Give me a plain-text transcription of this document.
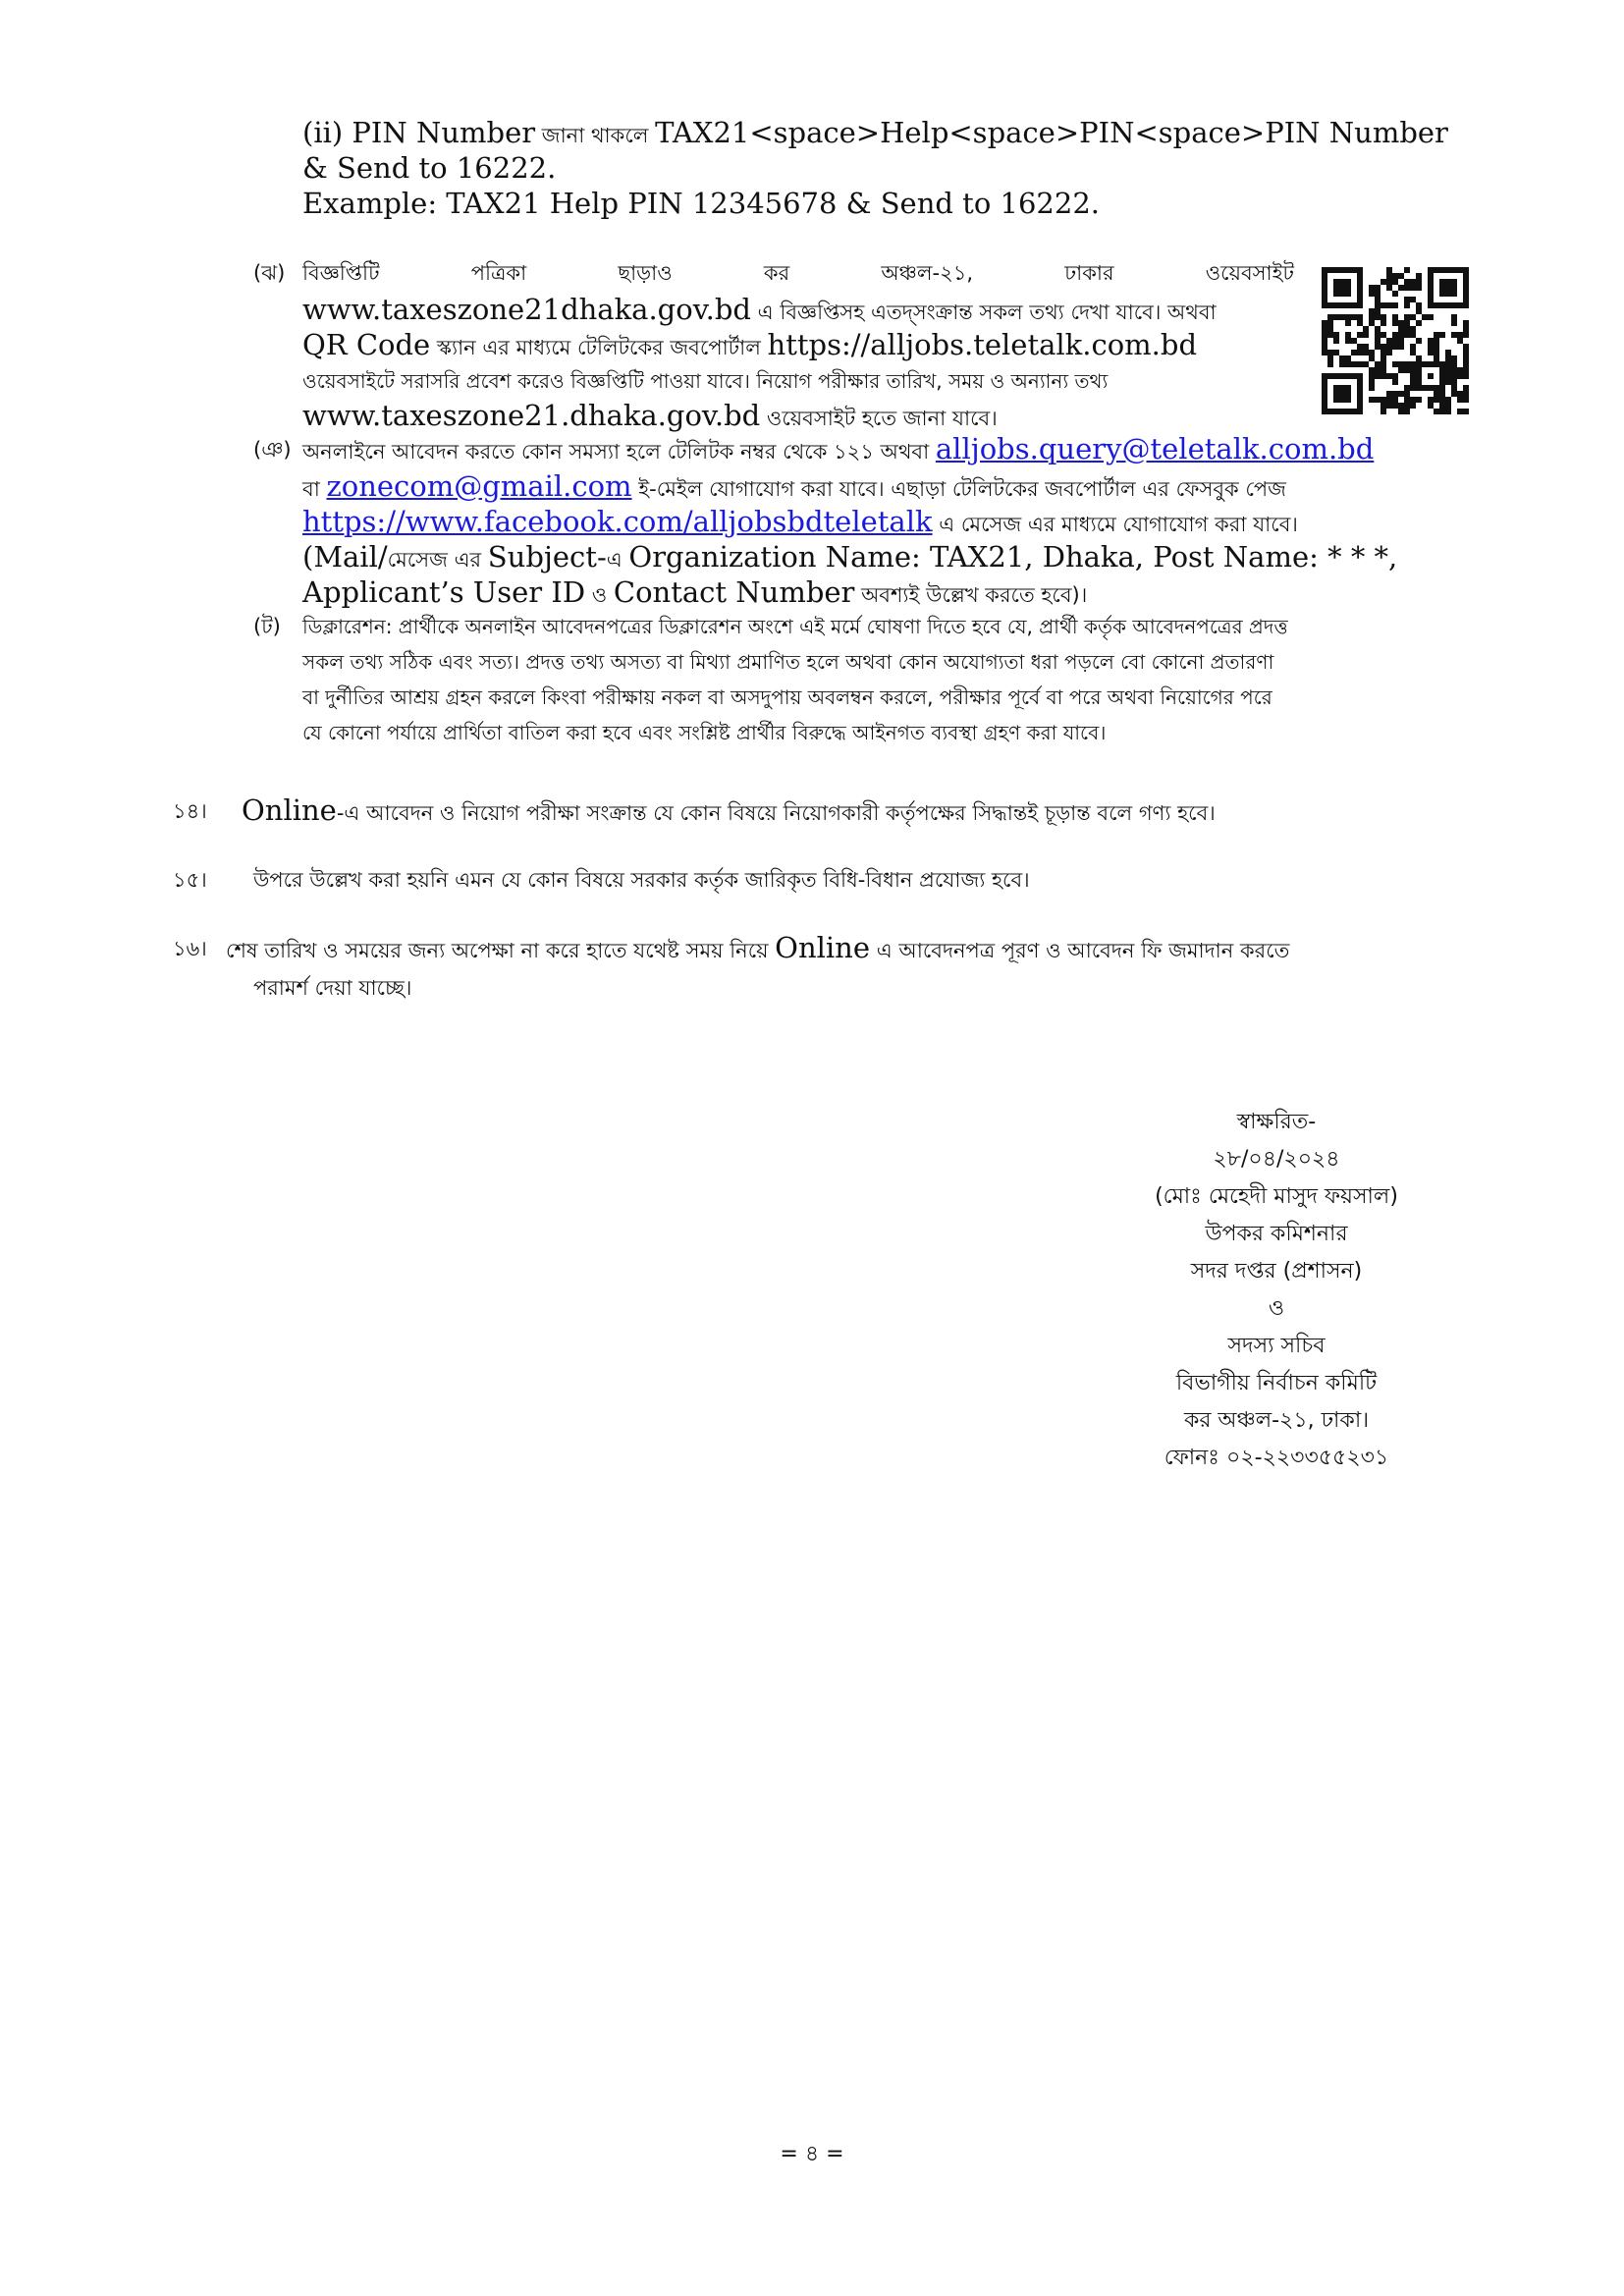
(ii) PIN Number জানা থাকলে TAX21<space>Help<space>PIN<space>PIN Number
& Send to 16222.
Example: TAX21 Help PIN 12345678 & Send to 16222.
(ঝ) বিজ্ঞপ্তিটি পত্রিকা ছাড়াও কর অঞ্চল-২১, ঢাকার ওয়েবসাইট
www.taxeszone21dhaka.gov.bd এ বিজ্ঞপ্তিসহ এতদ্‌সংক্রান্ত সকল তথ্য দেখা যাবে। অথবা
QR Code স্ক্যান এর মাধ্যমে টেলিটকের জবপোর্টাল https://alljobs.teletalk.com.bd
ওয়েবসাইটে সরাসরি প্রবেশ করেও বিজ্ঞপ্তিটি পাওয়া যাবে। নিয়োগ পরীক্ষার তারিখ, সময় ও অন্যান্য তথ্য
www.taxeszone21.dhaka.gov.bd ওয়েবসাইট হতে জানা যাবে।
(ঞ) অনলাইনে আবেদন করতে কোন সমস্যা হলে টেলিটক নম্বর থেকে ১২১ অথবা alljobs.query@teletalk.com.bd
বা zonecom@gmail.com ই-মেইল যোগাযোগ করা যাবে। এছাড়া টেলিটকের জবপোর্টাল এর ফেসবুক পেজ
https://www.facebook.com/alljobsbdteletalk এ মেসেজ এর মাধ্যমে যোগাযোগ করা যাবে।
(Mail/মেসেজ এর Subject-এ Organization Name: TAX21, Dhaka, Post Name: * * *,
Applicant’s User ID ও Contact Number অবশ্যই উল্লেখ করতে হবে)।
(ট) ডিক্লারেশন: প্রার্থীকে অনলাইন আবেদনপত্রের ডিক্লারেশন অংশে এই মর্মে ঘোষণা দিতে হবে যে, প্রার্থী কর্তৃক আবেদনপত্রের প্রদত্ত
সকল তথ্য সঠিক এবং সত্য। প্রদত্ত তথ্য অসত্য বা মিথ্যা প্রমাণিত হলে অথবা কোন অযোগ্যতা ধরা পড়লে বো কোনো প্রতারণা
বা দুর্নীতির আশ্রয় গ্রহন করলে কিংবা পরীক্ষায় নকল বা অসদুপায় অবলম্বন করলে, পরীক্ষার পূর্বে বা পরে অথবা নিয়োগের পরে
যে কোনো পর্যায়ে প্রার্থিতা বাতিল করা হবে এবং সংশ্লিষ্ট প্রার্থীর বিরুদ্ধে আইনগত ব্যবস্থা গ্রহণ করা যাবে।
১৪। Online-এ আবেদন ও নিয়োগ পরীক্ষা সংক্রান্ত যে কোন বিষয়ে নিয়োগকারী কর্তৃপক্ষের সিদ্ধান্তই চূড়ান্ত বলে গণ্য হবে।
১৫। উপরে উল্লেখ করা হয়নি এমন যে কোন বিষয়ে সরকার কর্তৃক জারিকৃত বিধি-বিধান প্রযোজ্য হবে।
১৬। শেষ তারিখ ও সময়ের জন্য অপেক্ষা না করে হাতে যথেষ্ট সময় নিয়ে Online এ আবেদনপত্র পূরণ ও আবেদন ফি জমাদান করতে
পরামর্শ দেয়া যাচ্ছে।
স্বাক্ষরিত-
২৮/০৪/২০২৪
(মোঃ মেহেদী মাসুদ ফয়সাল)
উপকর কমিশনার
সদর দপ্তর (প্রশাসন)
ও
সদস্য সচিব
বিভাগীয় নির্বাচন কমিটি
কর অঞ্চল-২১, ঢাকা।
ফোনঃ ০২-২২৩৩৫৫২৩১
= ৪ =
